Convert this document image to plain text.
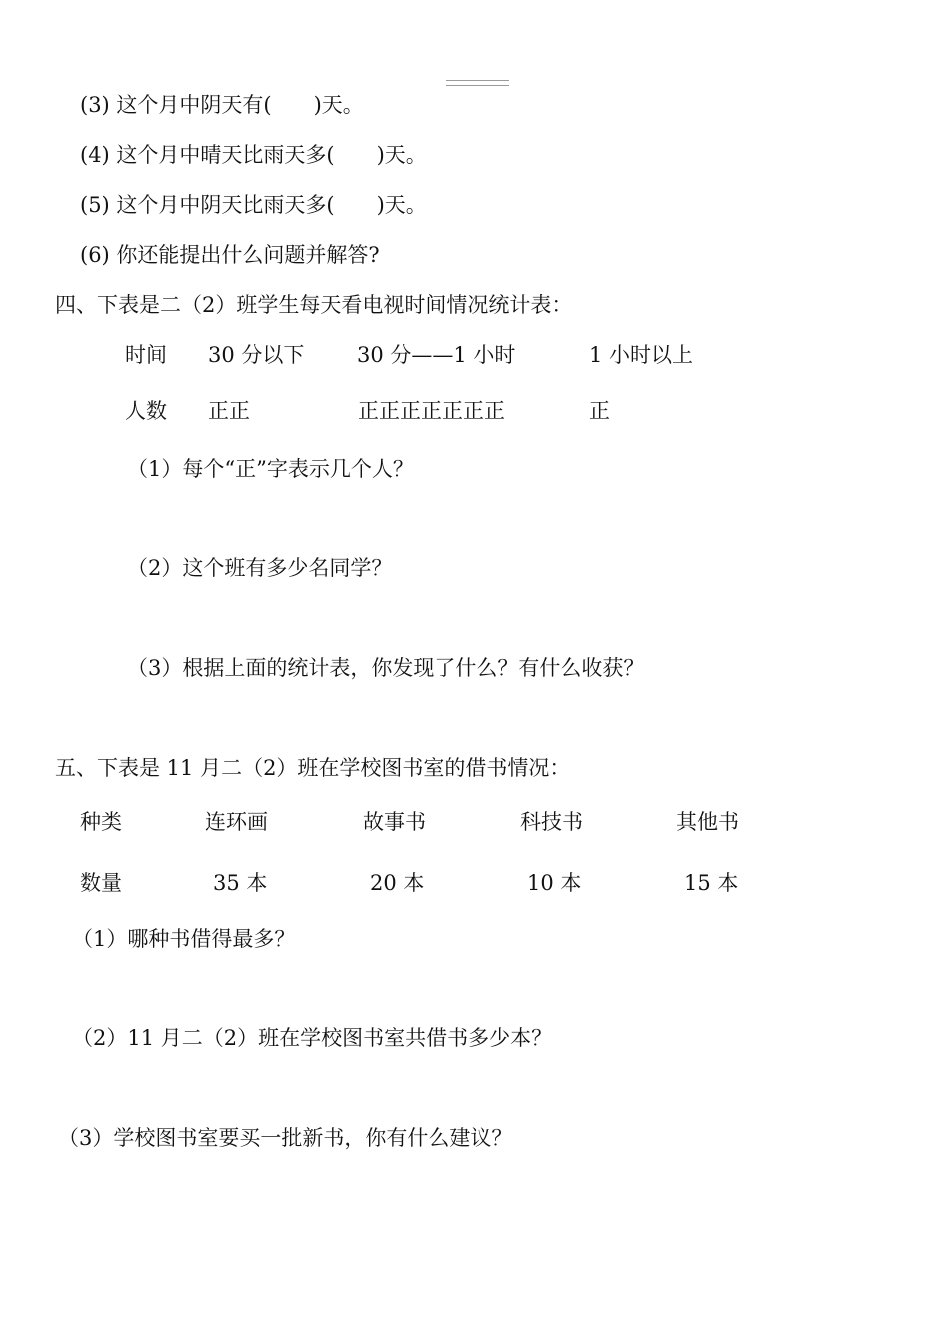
(3) 这个月中阴天有(　　)天。
(4) 这个月中晴天比雨天多(　　)天。
(5) 这个月中阴天比雨天多(　　)天。
(6) 你还能提出什么问题并解答?
四、下表是二（2）班学生每天看电视时间情况统计表：
时间 30 分以下	30 分——1 小时	1 小时以上
人数 正正	正正正正正正正	正
（1）每个“正”字表示几个人？
（2）这个班有多少名同学？
（3）根据上面的统计表，你发现了什么？有什么收获？
五、下表是 11 月二（2）班在学校图书室的借书情况：
种类	连环画	故事书	科技书	其他书
数量	35 本	20 本	10 本	15 本
（1）哪种书借得最多？
（2）11 月二（2）班在学校图书室共借书多少本？
（3）学校图书室要买一批新书，你有什么建议？
